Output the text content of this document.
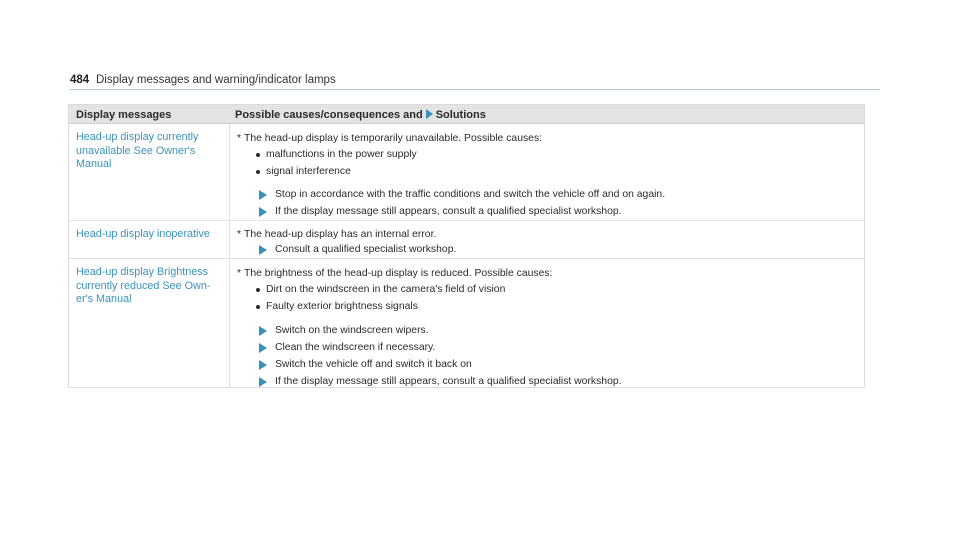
484 Display messages and warning/indicator lamps
Display messages	Possible causes/consequences and Solutions
Head-up display currently unavailable See Owner's Manual
* The head-up display is temporarily unavailable. Possible causes:
malfunctions in the power supply
signal interference
Stop in accordance with the traffic conditions and switch the vehicle off and on again.
If the display message still appears, consult a qualified specialist workshop.
Head-up display inoperative	* The head-up display has an internal error.
Consult a qualified specialist workshop.
Head-up display Brightness currently reduced See Own-er's Manual
* The brightness of the head-up display is reduced. Possible causes:
Dirt on the windscreen in the camera's field of vision
Faulty exterior brightness signals
Switch on the windscreen wipers.
Clean the windscreen if necessary.
Switch the vehicle off and switch it back on
If the display message still appears, consult a qualified specialist workshop.
